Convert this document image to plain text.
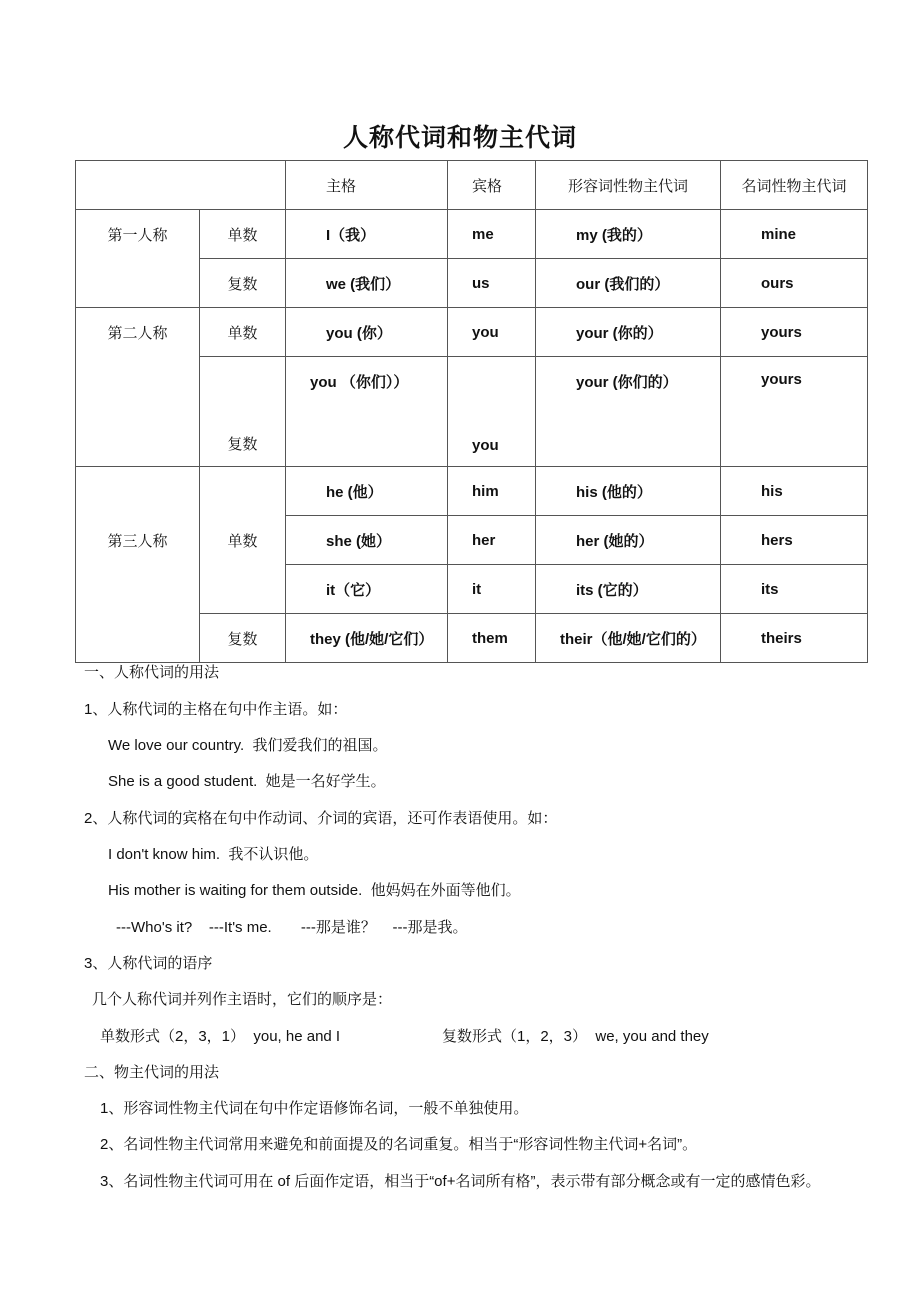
人称代词和物主代词
		主格	宾格	形容词性物主代词	名词性物主代词
第一人称	单数	I（我）	me	my (我的）	mine
	复数	we (我们）	us	our (我们的）	ours
第二人称	单数	you (你）	you	your (你的）	yours
	复数	you （你们））	you	your (你们的）	yours
第三人称	单数	he (他）	him	his (他的）	his
		she (她）	her	her (她的）	hers
		it（它）	it	its (它的）	its
	复数	they (他/她/它们）	them	their（他/她/它们的）	theirs
一、人称代词的用法
1、人称代词的主格在句中作主语。如：
We love our country.  我们爱我们的祖国。
She is a good student.  她是一名好学生。
2、人称代词的宾格在句中作动词、介词的宾语，还可作表语使用。如：
I don't know him.  我不认识他。
His mother is waiting for them outside.  他妈妈在外面等他们。
---Who's it?    ---It's me.       ---那是谁？    ---那是我。
3、人称代词的语序
几个人称代词并列作主语时，它们的顺序是：
单数形式（2，3，1）  you, he and I	复数形式（1，2，3）  we, you and they
二、物主代词的用法
1、形容词性物主代词在句中作定语修饰名词，一般不单独使用。
2、名词性物主代词常用来避免和前面提及的名词重复。相当于“形容词性物主代词+名词”。
3、名词性物主代词可用在 of 后面作定语，相当于“of+名词所有格”，表示带有部分概念或有一定的感情色彩。
